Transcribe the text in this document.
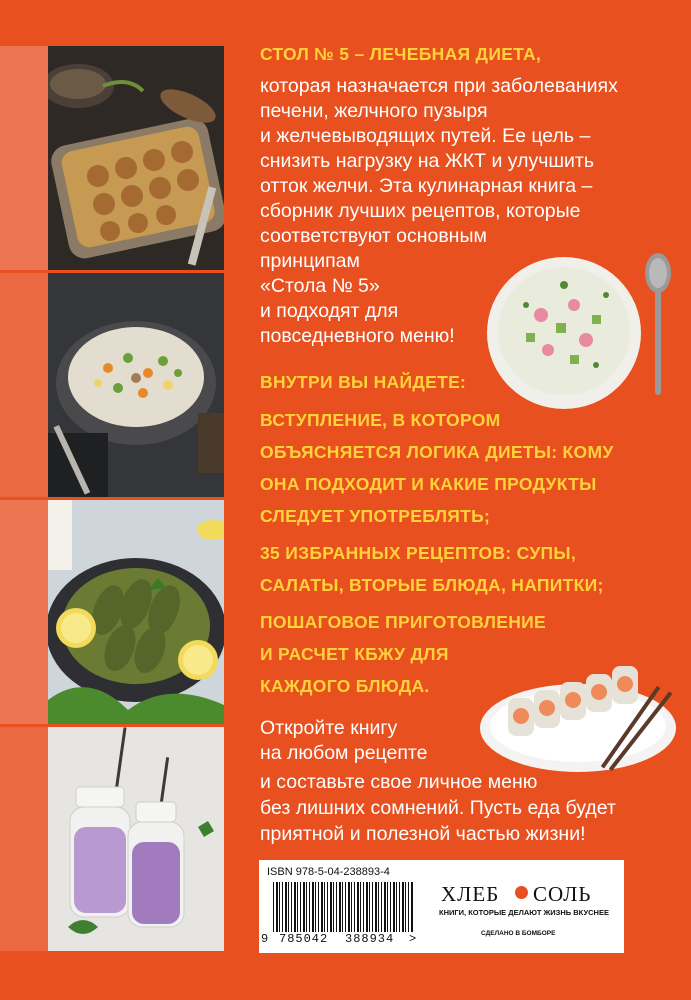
СТОЛ № 5 – ЛЕЧЕБНАЯ ДИЕТА,
которая назначается при заболеваниях
печени, желчного пузыря
и желчевыводящих путей. Ее цель –
снизить нагрузку на ЖКТ и улучшить
отток желчи. Эта кулинарная книга –
сборник лучших рецептов, которые
соответствуют основным
принципам
«Стола № 5»
и подходят для
повседневного меню!
ВНУТРИ ВЫ НАЙДЕТЕ:
ВСТУПЛЕНИЕ, В КОТОРОМ
ОБЪЯСНЯЕТСЯ ЛОГИКА ДИЕТЫ: КОМУ
ОНА ПОДХОДИТ И КАКИЕ ПРОДУКТЫ
СЛЕДУЕТ УПОТРЕБЛЯТЬ;
35 ИЗБРАННЫХ РЕЦЕПТОВ: СУПЫ,
САЛАТЫ, ВТОРЫЕ БЛЮДА, НАПИТКИ;
ПОШАГОВОЕ ПРИГОТОВЛЕНИЕ
И РАСЧЕТ КБЖУ ДЛЯ
КАЖДОГО БЛЮДА.
Откройте книгу
на любом рецепте
и составьте свое личное меню
без лишних сомнений. Пусть еда будет
приятной и полезной частью жизни!
ISBN 978-5-04-238893-4
9 785042 388934 >
ХЛЕБ СОЛЬ
КНИГИ, КОТОРЫЕ ДЕЛАЮТ ЖИЗНЬ ВКУСНЕЕ
СДЕЛАНО В БОМБОРЕ
